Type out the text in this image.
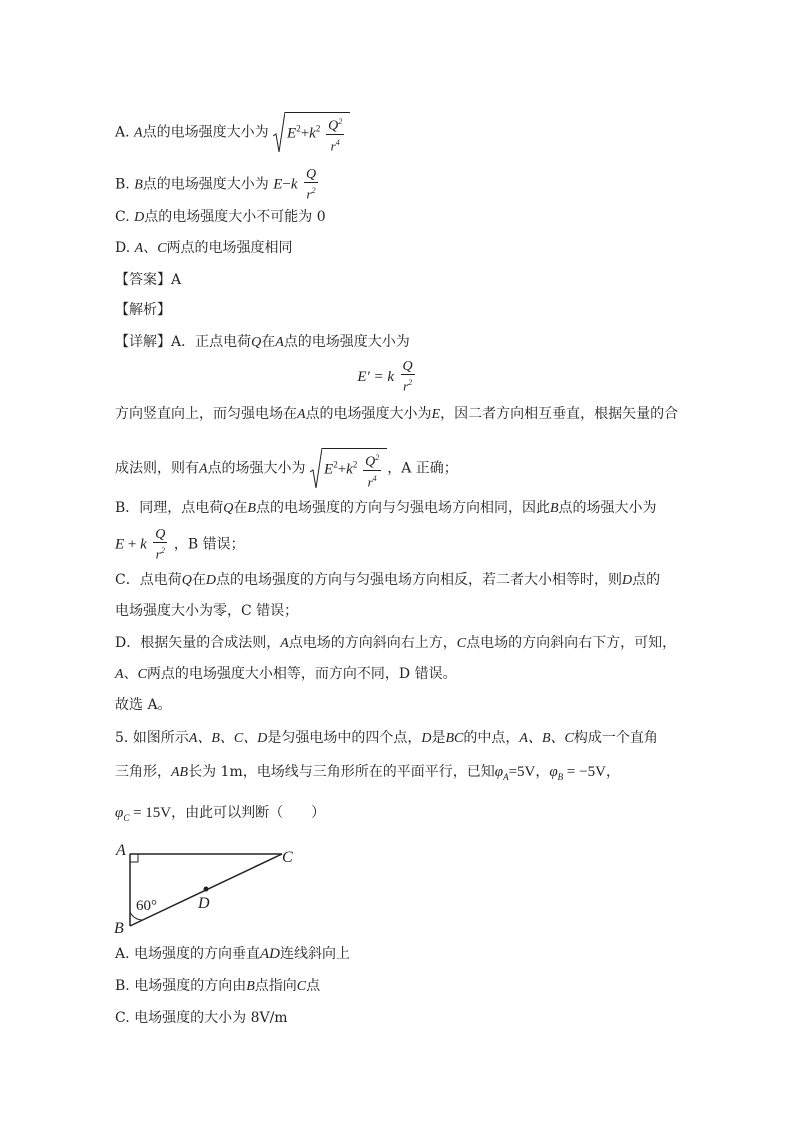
A. A点的电场强度大小为 $E^2+k^2 \frac{Q^2}{r^4}$
B. B点的电场强度大小为 $E-k \frac{Q}{r^2}$
C. D点的电场强度大小不可能为 0
D. A、C两点的电场强度相同
【答案】A
【解析】
【详解】A．正点电荷Q在A点的电场强度大小为
E′ = k $\frac{Q}{r^2}$
方向竖直向上，而匀强电场在A点的电场强度大小为E，因二者方向相互垂直，根据矢量的合
成法则，则有A点的场强大小为 $E^2+k^2 \frac{Q^2}{r^4}$ ，A 正确；
B．同理，点电荷Q在B点的电场强度的方向与匀强电场方向相同，因此B点的场强大小为
E + k $\frac{Q}{r^2}$ ，B 错误；
C．点电荷Q在D点的电场强度的方向与匀强电场方向相反，若二者大小相等时，则D点的
电场强度大小为零，C 错误；
D．根据矢量的合成法则，A点电场的方向斜向右上方，C点电场的方向斜向右下方，可知，
A、C两点的电场强度大小相等，而方向不同，D 错误。
故选 A。
5. 如图所示A、B、C、D是匀强电场中的四个点，D是BC的中点，A、B、C构成一个直角
三角形，AB长为 1m，电场线与三角形所在的平面平行，已知$\varphi_A=5V$，$\varphi_B = -5V$，
$\varphi_C = 15V$，由此可以判断（　　）
A
B
C
D
60°
A. 电场强度的方向垂直AD连线斜向上
B. 电场强度的方向由B点指向C点
C. 电场强度的大小为 8V/m
